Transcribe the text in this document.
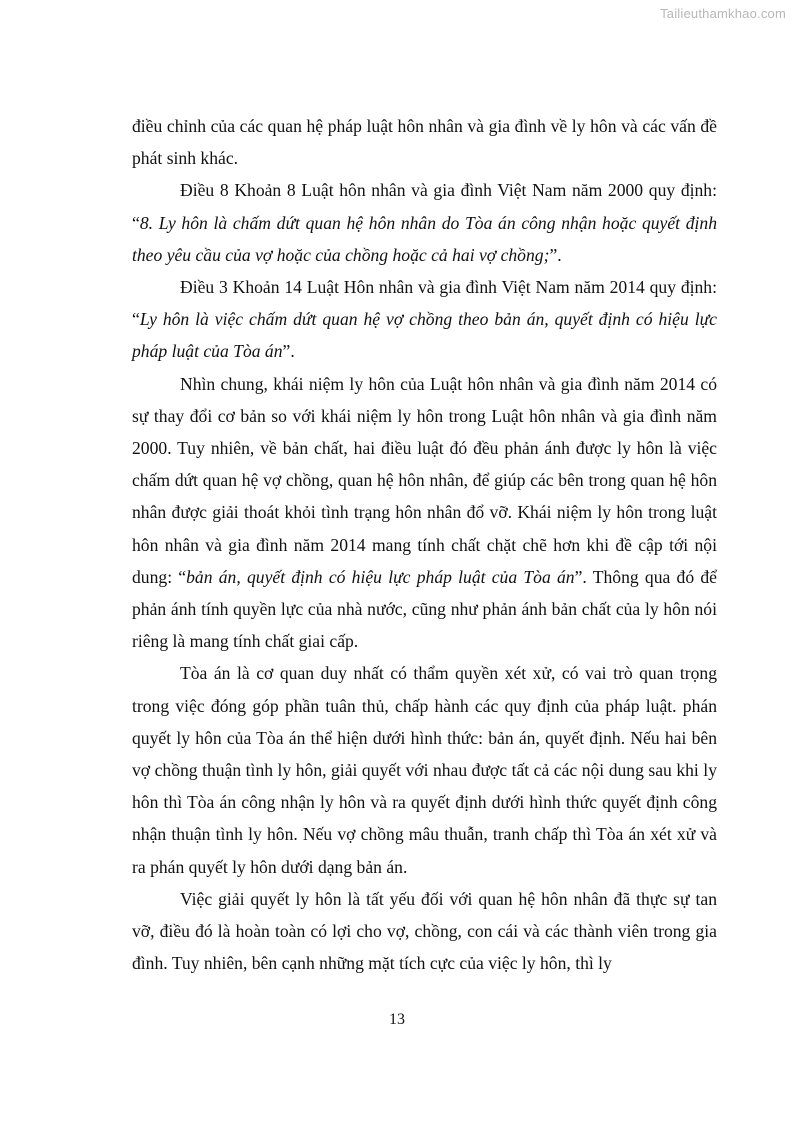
Tailieuthamkhao.com

điều chỉnh của các quan hệ pháp luật hôn nhân và gia đình về ly hôn và các vấn đề phát sinh khác.

Điều 8 Khoản 8 Luật hôn nhân và gia đình Việt Nam năm 2000 quy định: “8. Ly hôn là chấm dứt quan hệ hôn nhân do Tòa án công nhận hoặc quyết định theo yêu cầu của vợ hoặc của chồng hoặc cả hai vợ chồng;”.

Điều 3 Khoản 14 Luật Hôn nhân và gia đình Việt Nam năm 2014 quy định: “Ly hôn là việc chấm dứt quan hệ vợ chồng theo bản án, quyết định có hiệu lực pháp luật của Tòa án”.

Nhìn chung, khái niệm ly hôn của Luật hôn nhân và gia đình năm 2014 có sự thay đổi cơ bản so với khái niệm ly hôn trong Luật hôn nhân và gia đình năm 2000. Tuy nhiên, về bản chất, hai điều luật đó đều phản ánh được ly hôn là việc chấm dứt quan hệ vợ chồng, quan hệ hôn nhân, để giúp các bên trong quan hệ hôn nhân được giải thoát khỏi tình trạng hôn nhân đổ vỡ. Khái niệm ly hôn trong luật hôn nhân và gia đình năm 2014 mang tính chất chặt chẽ hơn khi đề cập tới nội dung: “bản án, quyết định có hiệu lực pháp luật của Tòa án”. Thông qua đó để phản ánh tính quyền lực của nhà nước, cũng như phản ánh bản chất của ly hôn nói riêng là mang tính chất giai cấp.

Tòa án là cơ quan duy nhất có thẩm quyền xét xử, có vai trò quan trọng trong việc đóng góp phần tuân thủ, chấp hành các quy định của pháp luật. phán quyết ly hôn của Tòa án thể hiện dưới hình thức: bản án, quyết định. Nếu hai bên vợ chồng thuận tình ly hôn, giải quyết với nhau được tất cả các nội dung sau khi ly hôn thì Tòa án công nhận ly hôn và ra quyết định dưới hình thức quyết định công nhận thuận tình ly hôn. Nếu vợ chồng mâu thuẫn, tranh chấp thì Tòa án xét xử và ra phán quyết ly hôn dưới dạng bản án.

Việc giải quyết ly hôn là tất yếu đối với quan hệ hôn nhân đã thực sự tan vỡ, điều đó là hoàn toàn có lợi cho vợ, chồng, con cái và các thành viên trong gia đình. Tuy nhiên, bên cạnh những mặt tích cực của việc ly hôn, thì ly

13
